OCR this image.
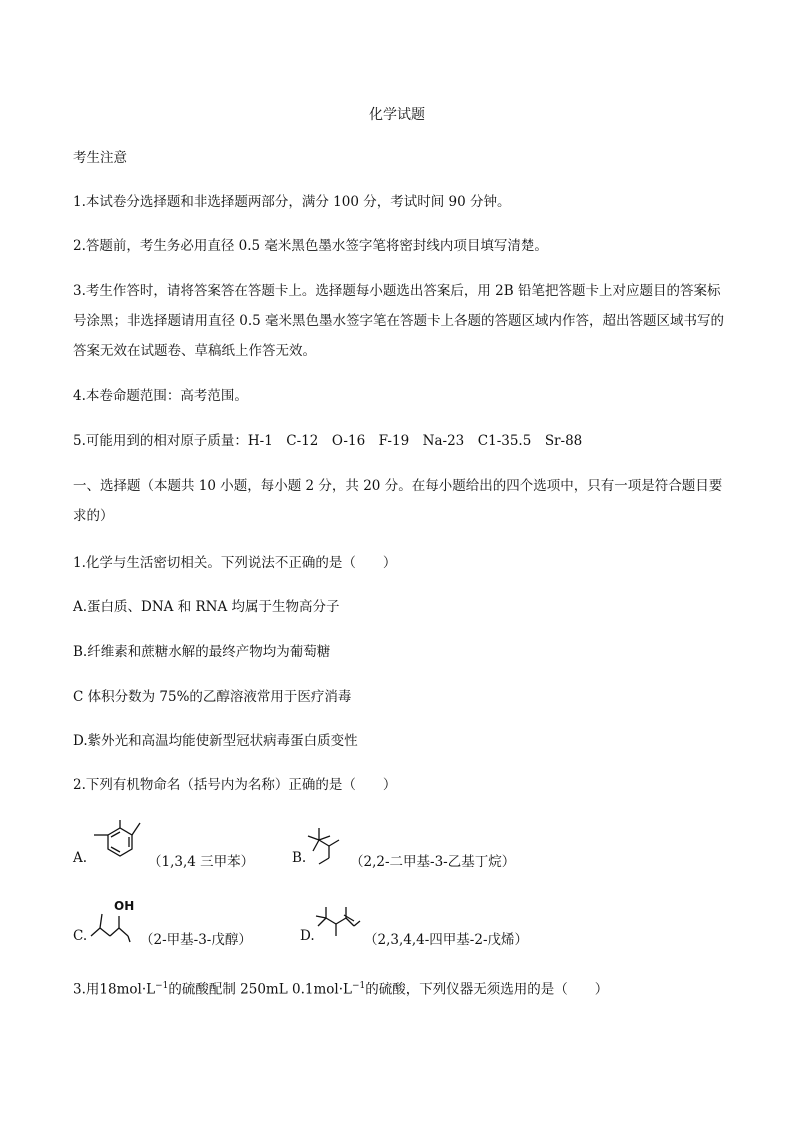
化学试题
考生注意
1.本试卷分选择题和非选择题两部分，满分 100 分，考试时间 90 分钟。
2.答题前，考生务必用直径 0.5 毫米黑色墨水签字笔将密封线内项目填写清楚。
3.考生作答时，请将答案答在答题卡上。选择题每小题选出答案后，用 2B 铅笔把答题卡上对应题目的答案标号涂黑；非选择题请用直径 0.5 毫米黑色墨水签字笔在答题卡上各题的答题区域内作答，超出答题区域书写的答案无效在试题卷、草稿纸上作答无效。
4.本卷命题范围：高考范围。
5.可能用到的相对原子质量：H-1　C-12　O-16　F-19　Na-23　C1-35.5　Sr-88
一、选择题（本题共 10 小题，每小题 2 分，共 20 分。在每小题给出的四个选项中，只有一项是符合题目要求的）
1.化学与生活密切相关。下列说法不正确的是（　　）
A.蛋白质、DNA 和 RNA 均属于生物高分子
B.纤维素和蔗糖水解的最终产物均为葡萄糖
C 体积分数为 75%的乙醇溶液常用于医疗消毒
D.紫外光和高温均能使新型冠状病毒蛋白质变性
2.下列有机物命名（括号内为名称）正确的是（　　）
A.	（1,3,4 三甲苯）	B.	（2,2-二甲基-3-乙基丁烷）
C.
OH
（2-甲基-3-戊醇）	D.	（2,3,4,4-四甲基-2-戊烯）
3.用$18mol\cdot L^{-1}$的硫酸配制 250mL $0.1mol\cdot L^{-1}$的硫酸，下列仪器无须选用的是（　　）
